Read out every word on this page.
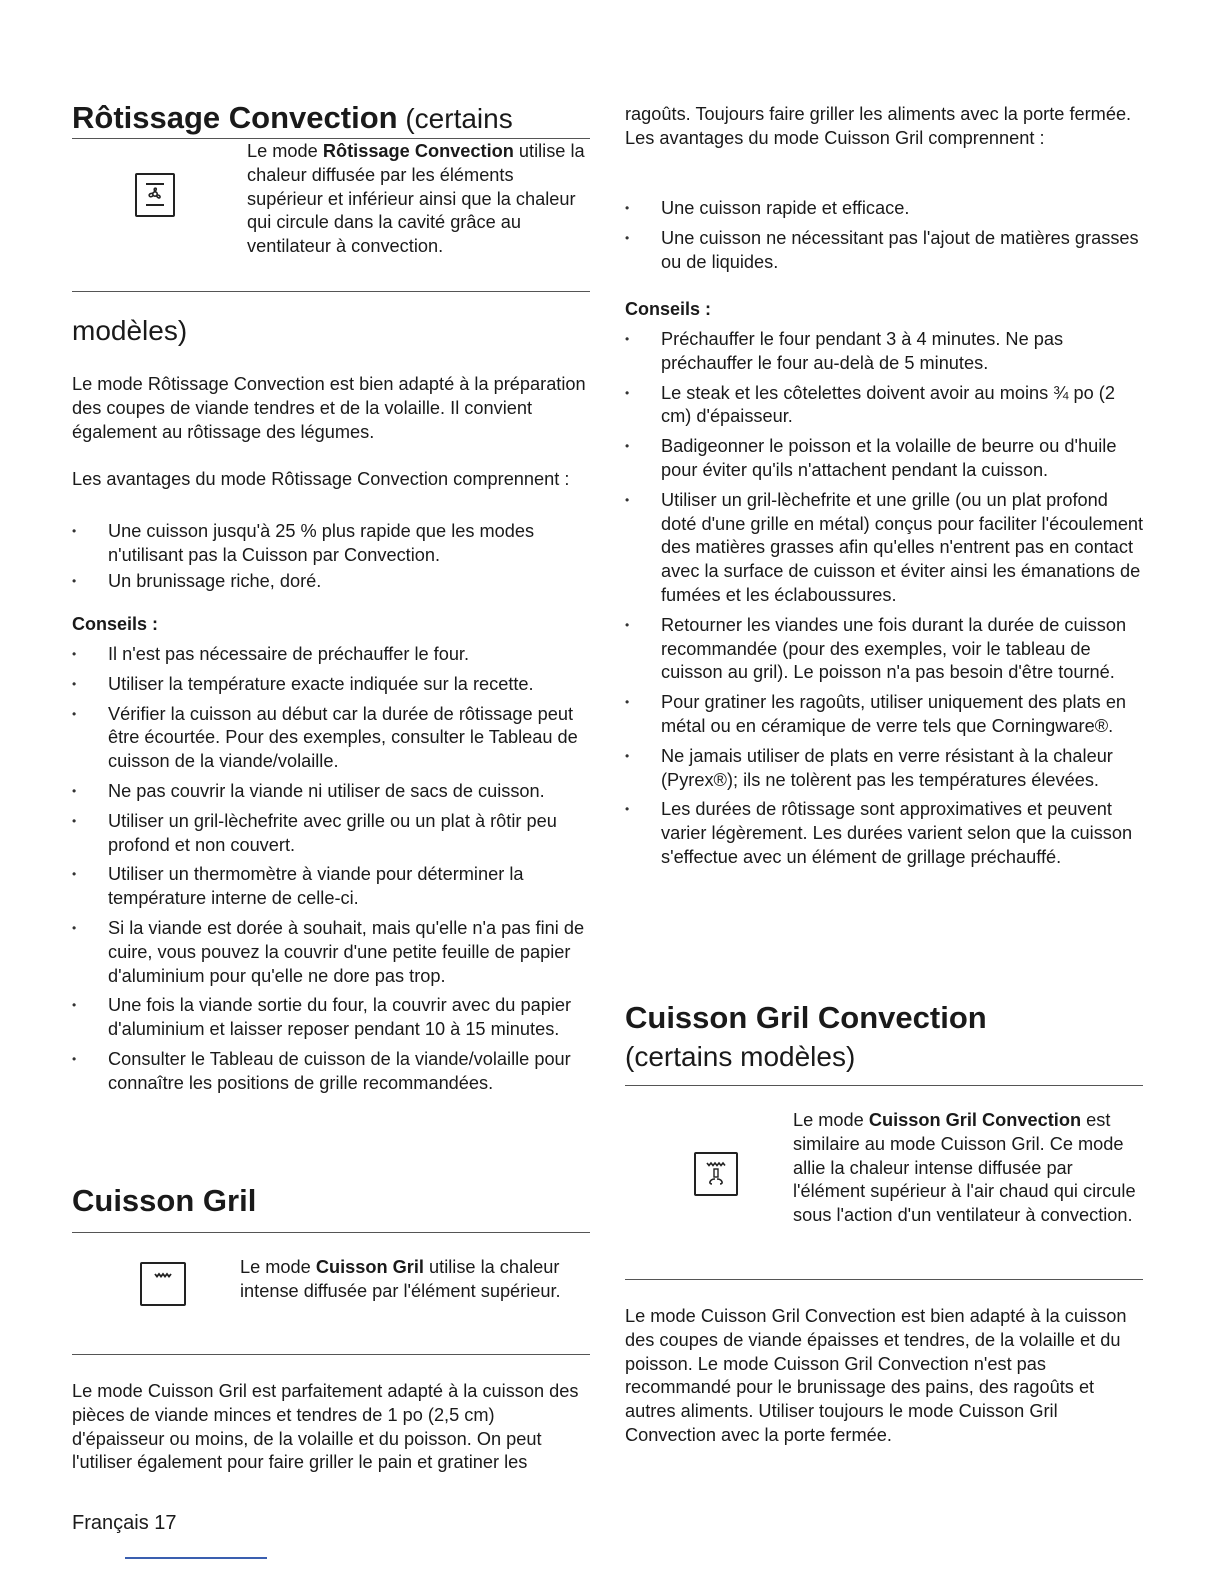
Rôtissage Convection (certains

Le mode Rôtissage Convection utilise la chaleur diffusée par les éléments supérieur et inférieur ainsi que la chaleur qui circule dans la cavité grâce au ventilateur à convection.

modèles)

Le mode Rôtissage Convection est bien adapté à la préparation des coupes de viande tendres et de la volaille. Il convient également au rôtissage des légumes.

Les avantages du mode Rôtissage Convection comprennent :

• Une cuisson jusqu'à 25 % plus rapide que les modes n'utilisant pas la Cuisson par Convection.
• Un brunissage riche, doré.
Conseils :
• Il n'est pas nécessaire de préchauffer le four.
• Utiliser la température exacte indiquée sur la recette.
• Vérifier la cuisson au début car la durée de rôtissage peut être écourtée. Pour des exemples, consulter le Tableau de cuisson de la viande/volaille.
• Ne pas couvrir la viande ni utiliser de sacs de cuisson.
• Utiliser un gril-lèchefrite avec grille ou un plat à rôtir peu profond et non couvert.
• Utiliser un thermomètre à viande pour déterminer la température interne de celle-ci.
• Si la viande est dorée à souhait, mais qu'elle n'a pas fini de cuire, vous pouvez la couvrir d'une petite feuille de papier d'aluminium pour qu'elle ne dore pas trop.
• Une fois la viande sortie du four, la couvrir avec du papier d'aluminium et laisser reposer pendant 10 à 15 minutes.
• Consulter le Tableau de cuisson de la viande/volaille pour connaître les positions de grille recommandées.
Cuisson Gril

Le mode Cuisson Gril utilise la chaleur intense diffusée par l'élément supérieur.

Le mode Cuisson Gril est parfaitement adapté à la cuisson des pièces de viande minces et tendres de 1 po (2,5 cm) d'épaisseur ou moins, de la volaille et du poisson. On peut l'utiliser également pour faire griller le pain et gratiner les

ragoûts. Toujours faire griller les aliments avec la porte fermée. Les avantages du mode Cuisson Gril comprennent :

• Une cuisson rapide et efficace.
• Une cuisson ne nécessitant pas l'ajout de matières grasses ou de liquides.
Conseils :
• Préchauffer le four pendant 3 à 4 minutes. Ne pas préchauffer le four au-delà de 5 minutes.
• Le steak et les côtelettes doivent avoir au moins ¾ po (2 cm) d'épaisseur.
• Badigeonner le poisson et la volaille de beurre ou d'huile pour éviter qu'ils n'attachent pendant la cuisson.
• Utiliser un gril-lèchefrite et une grille (ou un plat profond doté d'une grille en métal) conçus pour faciliter l'écoulement des matières grasses afin qu'elles n'entrent pas en contact avec la surface de cuisson et éviter ainsi les émanations de fumées et les éclaboussures.
• Retourner les viandes une fois durant la durée de cuisson recommandée (pour des exemples, voir le tableau de cuisson au gril). Le poisson n'a pas besoin d'être tourné.
• Pour gratiner les ragoûts, utiliser uniquement des plats en métal ou en céramique de verre tels que Corningware®.
• Ne jamais utiliser de plats en verre résistant à la chaleur (Pyrex®); ils ne tolèrent pas les températures élevées.
• Les durées de rôtissage sont approximatives et peuvent varier légèrement. Les durées varient selon que la cuisson s'effectue avec un élément de grillage préchauffé.
Cuisson Gril Convection
(certains modèles)

Le mode Cuisson Gril Convection est similaire au mode Cuisson Gril. Ce mode allie la chaleur intense diffusée par l'élément supérieur à l'air chaud qui circule sous l'action d'un ventilateur à convection.

Le mode Cuisson Gril Convection est bien adapté à la cuisson des coupes de viande épaisses et tendres, de la volaille et du poisson. Le mode Cuisson Gril Convection n'est pas recommandé pour le brunissage des pains, des ragoûts et autres aliments. Utiliser toujours le mode Cuisson Gril Convection avec la porte fermée.

Français 17
